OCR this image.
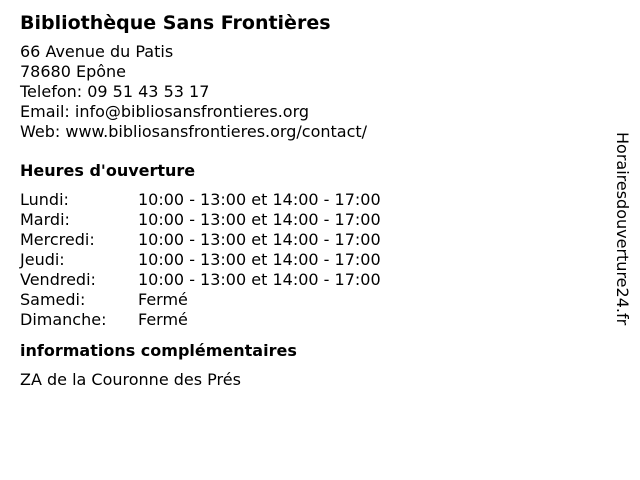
Bibliothèque Sans Frontières
66 Avenue du Patis
78680 Epône
Telefon: 09 51 43 53 17
Email: info@bibliosansfrontieres.org
Web: www.bibliosansfrontieres.org/contact/
Heures d'ouverture
Lundi:	10:00 - 13:00 et 14:00 - 17:00
Mardi:	10:00 - 13:00 et 14:00 - 17:00
Mercredi:	10:00 - 13:00 et 14:00 - 17:00
Jeudi:	10:00 - 13:00 et 14:00 - 17:00
Vendredi:	10:00 - 13:00 et 14:00 - 17:00
Samedi:	Fermé
Dimanche:	Fermé
informations complémentaires
ZA de la Couronne des Prés
Horairesdouverture24.fr
